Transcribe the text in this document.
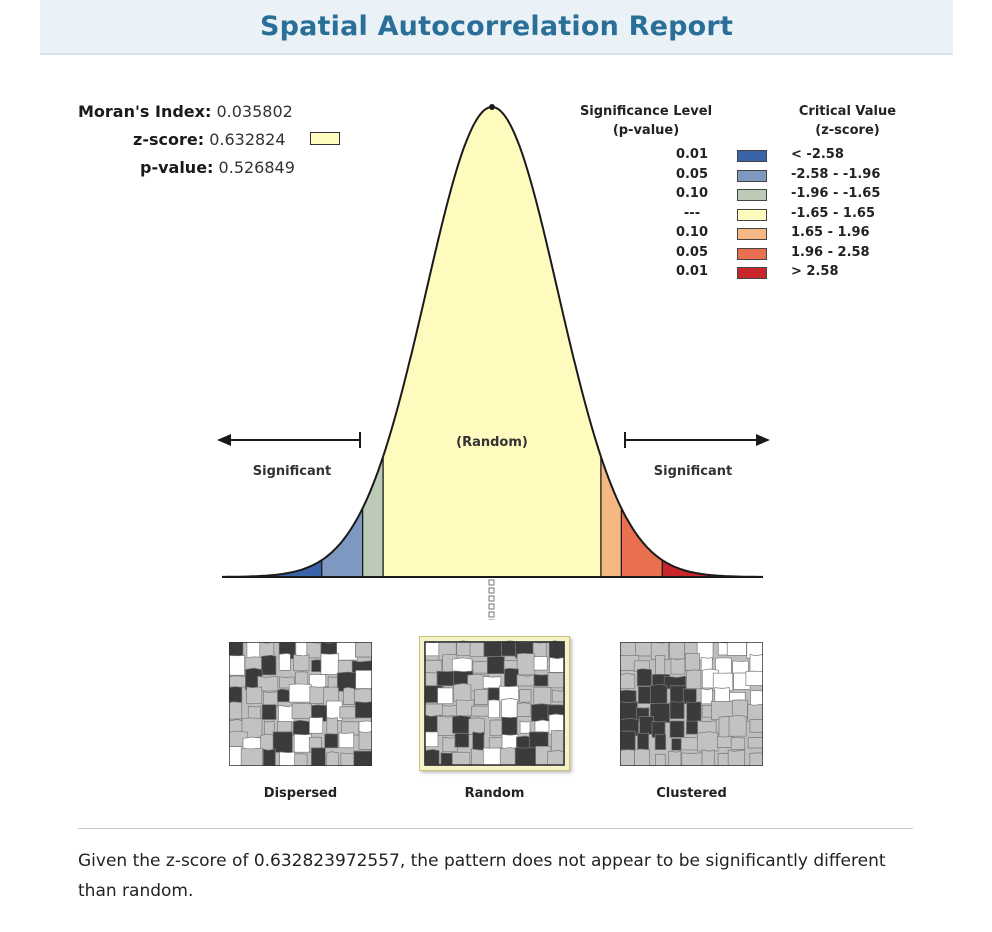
Spatial Autocorrelation Report
Moran's Index: 0.035802
z-score: 0.632824
p-value: 0.526849
Significance Level
(p-value)
Critical Value
(z-score)
0.01	< -2.58
0.05	-2.58 - -1.96
0.10	-1.96 - -1.65
---	-1.65 - 1.65
0.10	1.65 - 1.96
0.05	1.96 - 2.58
0.01	> 2.58
(Random)
Significant	Significant
Dispersed	Random	Clustered
Given the z-score of 0.632823972557, the pattern does not appear to be significantly different than random.
